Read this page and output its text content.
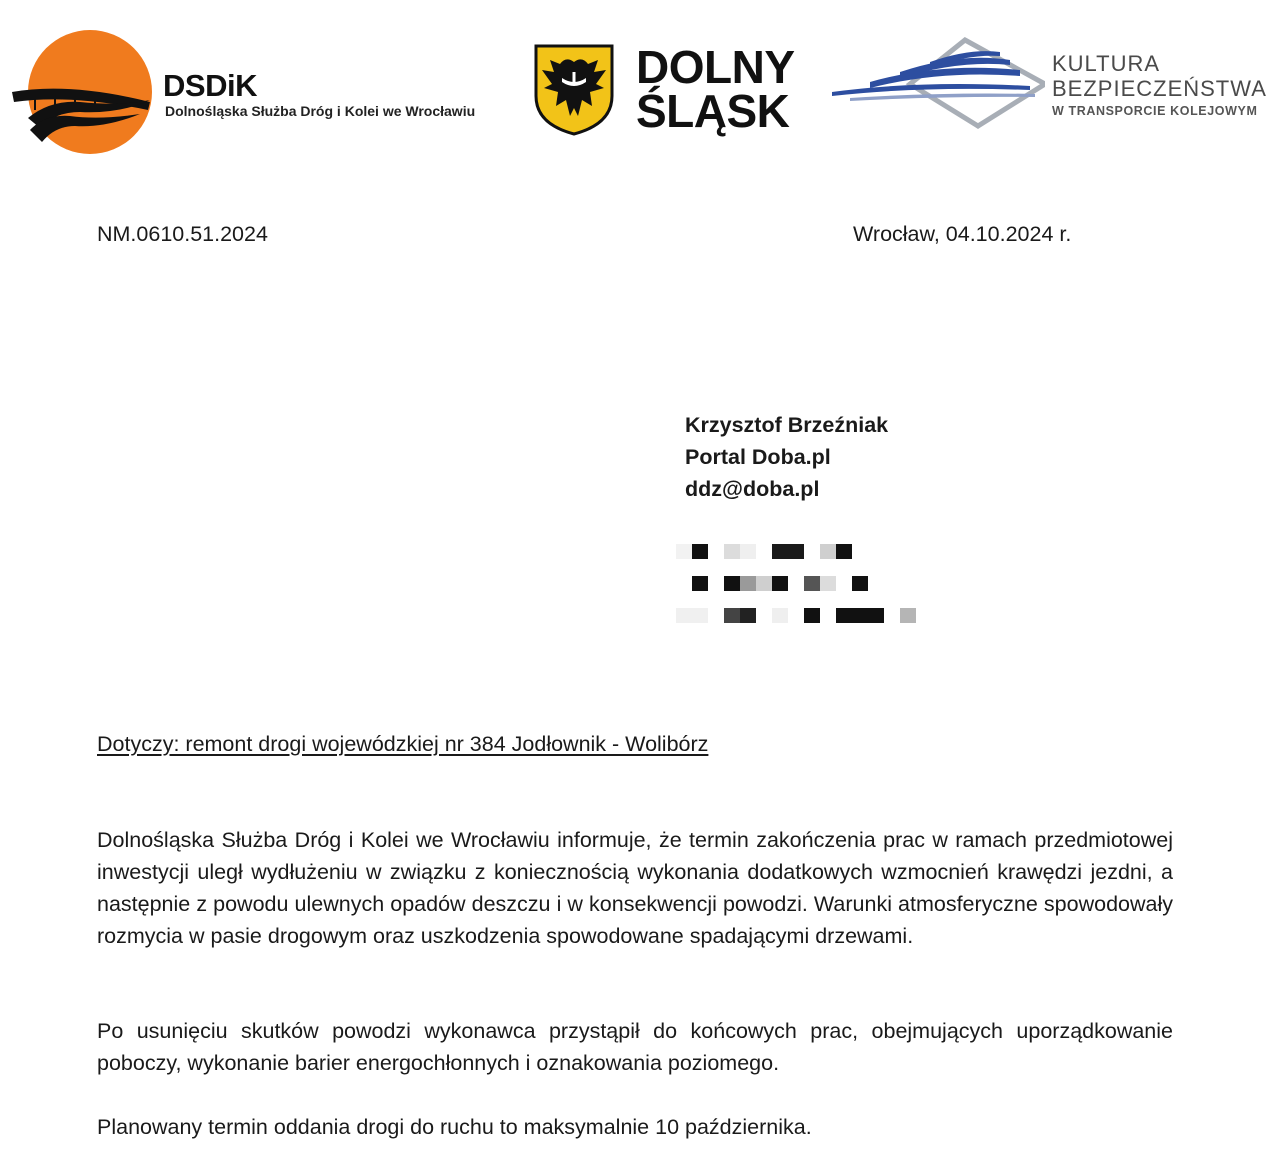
DSDiK
Dolnośląska Służba Dróg i Kolei we Wrocławiu
DOLNY
ŚLĄSK
KULTURA
BEZPIECZEŃSTWA
W TRANSPORCIE KOLEJOWYM
NM.0610.51.2024	Wrocław, 04.10.2024 r.
Krzysztof Brzeźniak
Portal Doba.pl
ddz@doba.pl
Dotyczy: remont drogi wojewódzkiej nr 384 Jodłownik - Wolibórz
Dolnośląska Służba Dróg i Kolei we Wrocławiu informuje, że termin zakończenia prac w ramach przedmiotowej inwestycji uległ wydłużeniu w związku z koniecznością wykonania dodatkowych wzmocnień krawędzi jezdni, a następnie z powodu ulewnych opadów deszczu i w konsekwencji powodzi. Warunki atmosferyczne spowodowały rozmycia w pasie drogowym oraz uszkodzenia spowodowane spadającymi drzewami.
Po usunięciu skutków powodzi wykonawca przystąpił do końcowych prac, obejmujących uporządkowanie poboczy, wykonanie barier energochłonnych i oznakowania poziomego.
Planowany termin oddania drogi do ruchu to maksymalnie 10 października.
